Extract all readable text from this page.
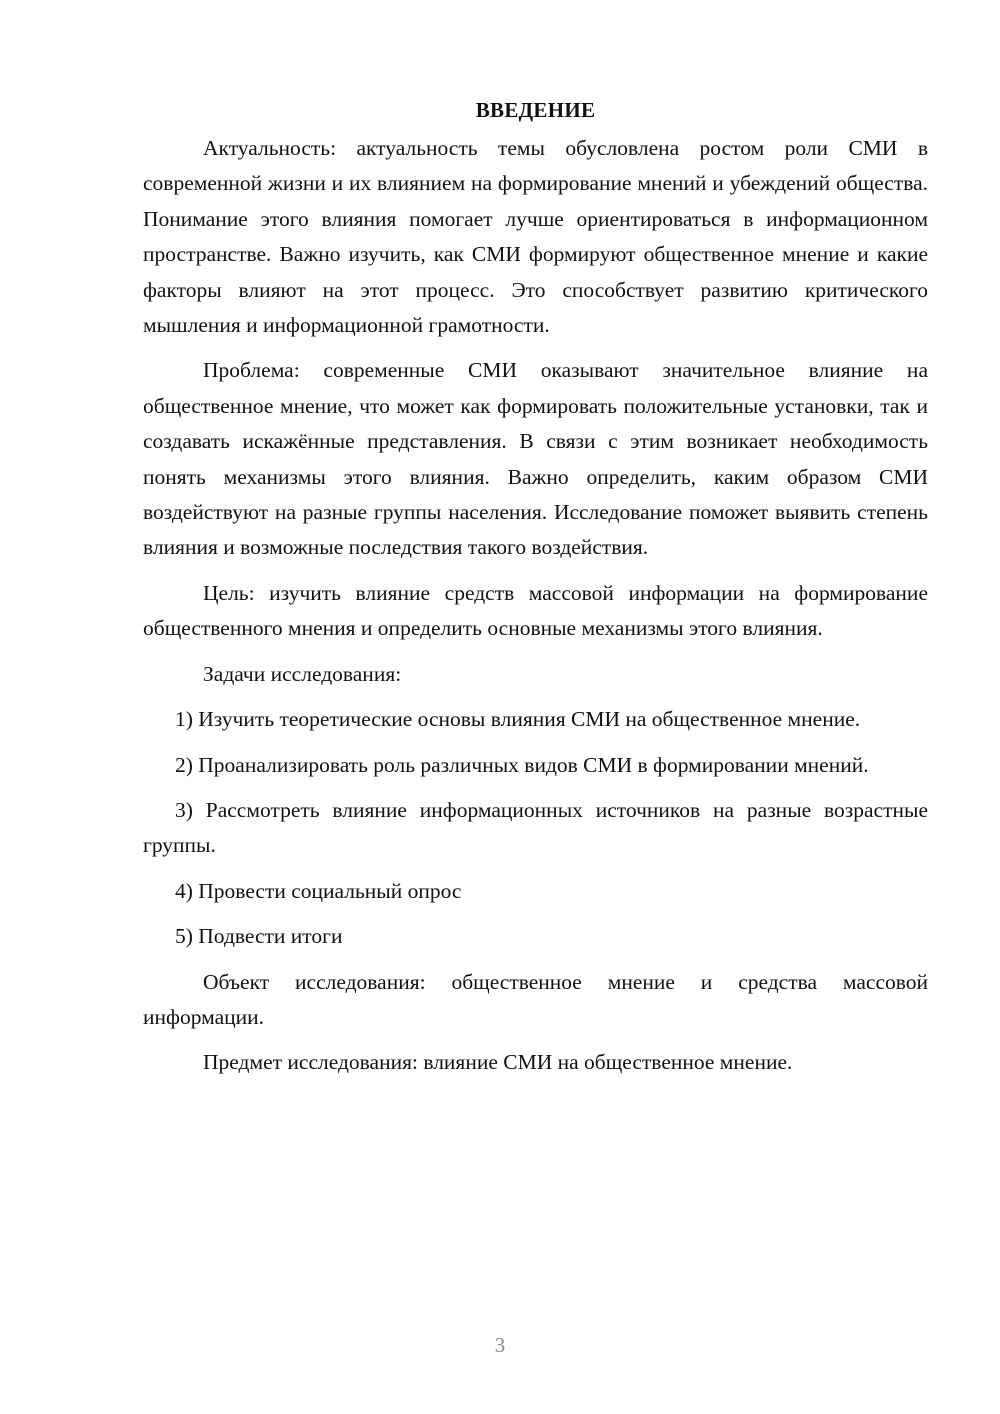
ВВЕДЕНИЕ

Актуальность: актуальность темы обусловлена ростом роли СМИ в современной жизни и их влиянием на формирование мнений и убеждений общества. Понимание этого влияния помогает лучше ориентироваться в информационном пространстве. Важно изучить, как СМИ формируют общественное мнение и какие факторы влияют на этот процесс. Это способствует развитию критического мышления и информационной грамотности.

Проблема: современные СМИ оказывают значительное влияние на общественное мнение, что может как формировать положительные установки, так и создавать искажённые представления. В связи с этим возникает необходимость понять механизмы этого влияния. Важно определить, каким образом СМИ воздействуют на разные группы населения. Исследование поможет выявить степень влияния и возможные последствия такого воздействия.

Цель: изучить влияние средств массовой информации на формирование общественного мнения и определить основные механизмы этого влияния.

Задачи исследования:

1) Изучить теоретические основы влияния СМИ на общественное мнение.

2) Проанализировать роль различных видов СМИ в формировании мнений.

3) Рассмотреть влияние информационных источников на разные возрастные группы.

4) Провести социальный опрос

5) Подвести итоги

Объект исследования: общественное мнение и средства массовой информации.

Предмет исследования: влияние СМИ на общественное мнение.

3
